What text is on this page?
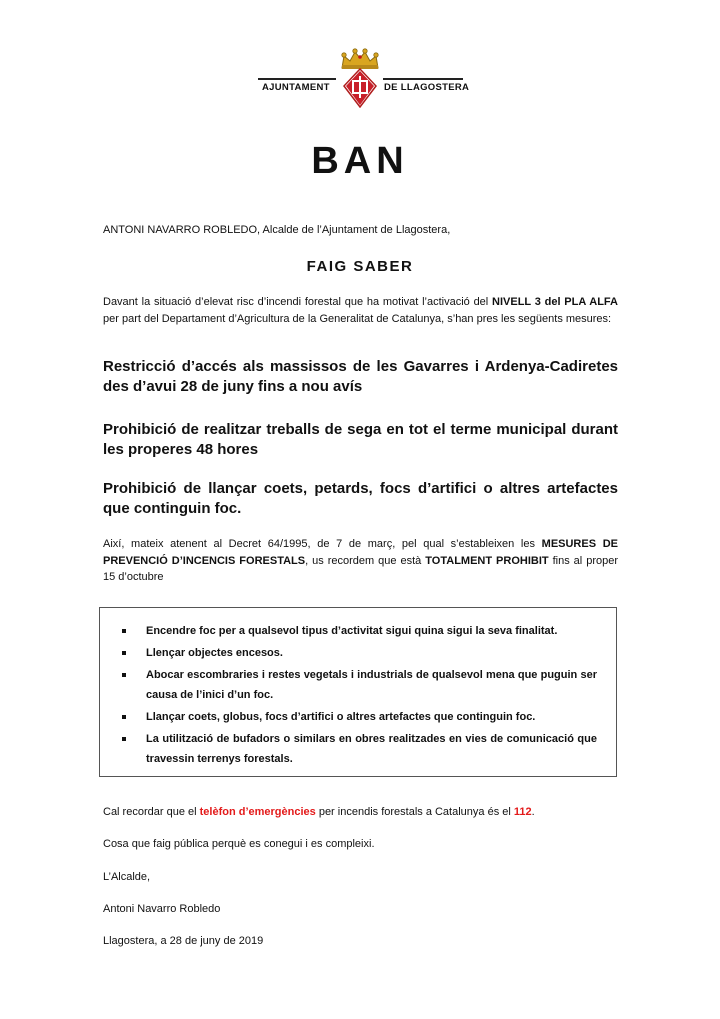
AJUNTAMENT	DE LLAGOSTERA
BAN
ANTONI NAVARRO ROBLEDO, Alcalde de l’Ajuntament de Llagostera,
FAIG SABER
Davant la situació d’elevat risc d’incendi forestal que ha motivat l’activació del NIVELL 3 del PLA ALFA per part del Departament d’Agricultura de la Generalitat de Catalunya, s’han pres les següents mesures:
Restricció d’accés als massissos de les Gavarres i Ardenya-Cadiretes des d’avui 28 de juny fins a nou avís
Prohibició de realitzar treballs de sega en tot el terme municipal durant les properes 48 hores
Prohibició de llançar coets, petards, focs d’artifici o altres artefactes que continguin foc.
Així, mateix atenent al Decret 64/1995, de 7 de març, pel qual s’estableixen les MESURES DE PREVENCIÓ D’INCENCIS FORESTALS, us recordem que està TOTALMENT PROHIBIT fins al proper 15 d’octubre
Encendre foc per a qualsevol tipus d’activitat sigui quina sigui la seva finalitat.
Llençar objectes encesos.
Abocar escombraries i restes vegetals i industrials de qualsevol mena que puguin ser causa de l’inici d’un foc.
Llançar coets, globus, focs d’artifici o altres artefactes que continguin foc.
La utilització de bufadors o similars en obres realitzades en vies de comunicació que travessin terrenys forestals.
Cal recordar que el telèfon d’emergències per incendis forestals a Catalunya és el 112.
Cosa que faig pública perquè es conegui i es compleixi.
L’Alcalde,
Antoni Navarro Robledo
Llagostera, a 28 de juny de 2019
